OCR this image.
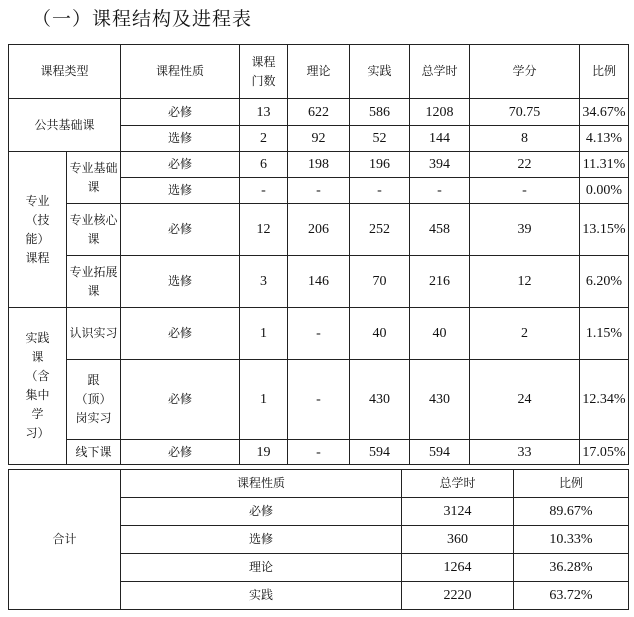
（一）课程结构及进程表
课程类型		课程性质	课程门数	理论	实践	总学时	学分	比例
公共基础课		必修	13	622	586	1208	70.75	34.67%
		选修	2	92	52	144	8	4.13%

专业（技能）课程	专业基础课	必修	6	198	196	394	22	11.31%
		选修	-	-	-	-	-	0.00%

	专业核心课	必修	12	206	252	458	39	13.15%

	专业拓展课	选修	3	146	70	216	12	6.20%

实践课（含集中学习）	认识实习	必修	1	-	40	40	2	1.15%

	跟（顶）岗实习	必修	1	-	430	430	24	12.34%
	线下课	必修	19	-	594	594	33	17.05%
合计	课程性质	总学时	比例
	必修	3124	89.67%
	选修	360	10.33%
	理论	1264	36.28%
	实践	2220	63.72%
